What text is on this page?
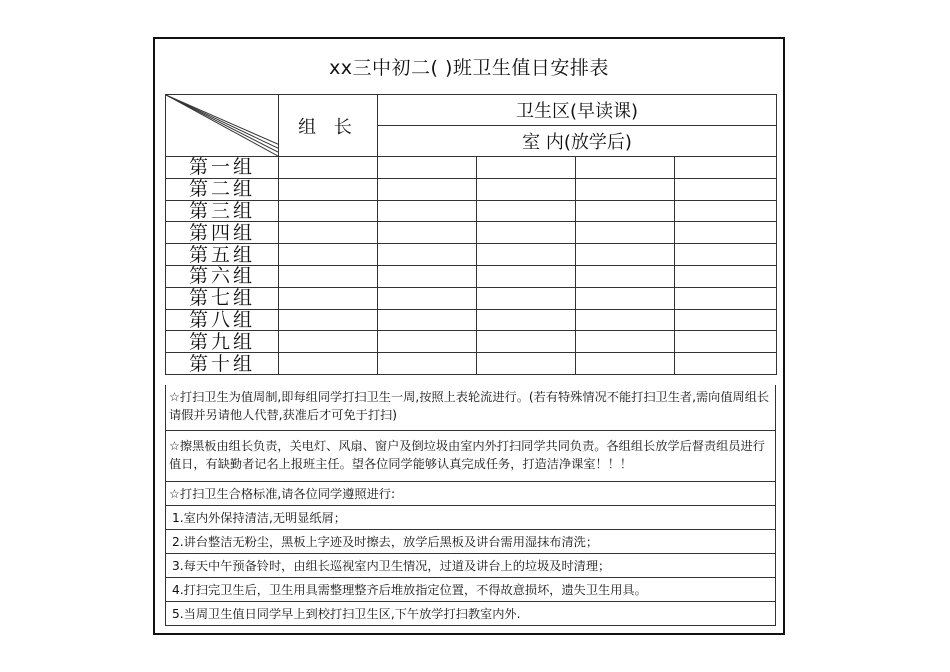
xx三中初二( )班卫生值日安排表
	组 长	卫生区(早读课)			
		室 内(放学后)			
第一组					
第二组					
第三组					
第四组					
第五组					
第六组					
第七组					
第八组					
第九组					
第十组					
☆打扫卫生为值周制,即每组同学打扫卫生一周,按照上表轮流进行。(若有特殊情况不能打扫卫生者,需向值周组长请假并另请他人代替,获准后才可免于打扫)
☆擦黑板由组长负责，关电灯、风扇、窗户及倒垃圾由室内外打扫同学共同负责。各组组长放学后督责组员进行值日，有缺勤者记名上报班主任。望各位同学能够认真完成任务，打造洁净课室！！！
☆打扫卫生合格标准,请各位同学遵照进行:
1.室内外保持清洁,无明显纸屑；
2.讲台整洁无粉尘，黑板上字迹及时擦去，放学后黑板及讲台需用湿抹布清洗；
3.每天中午预备铃时，由组长巡视室内卫生情况，过道及讲台上的垃圾及时清理；
4.打扫完卫生后，卫生用具需整理整齐后堆放指定位置，不得故意损坏，遗失卫生用具。
5.当周卫生值日同学早上到校打扫卫生区,下午放学打扫教室内外.
